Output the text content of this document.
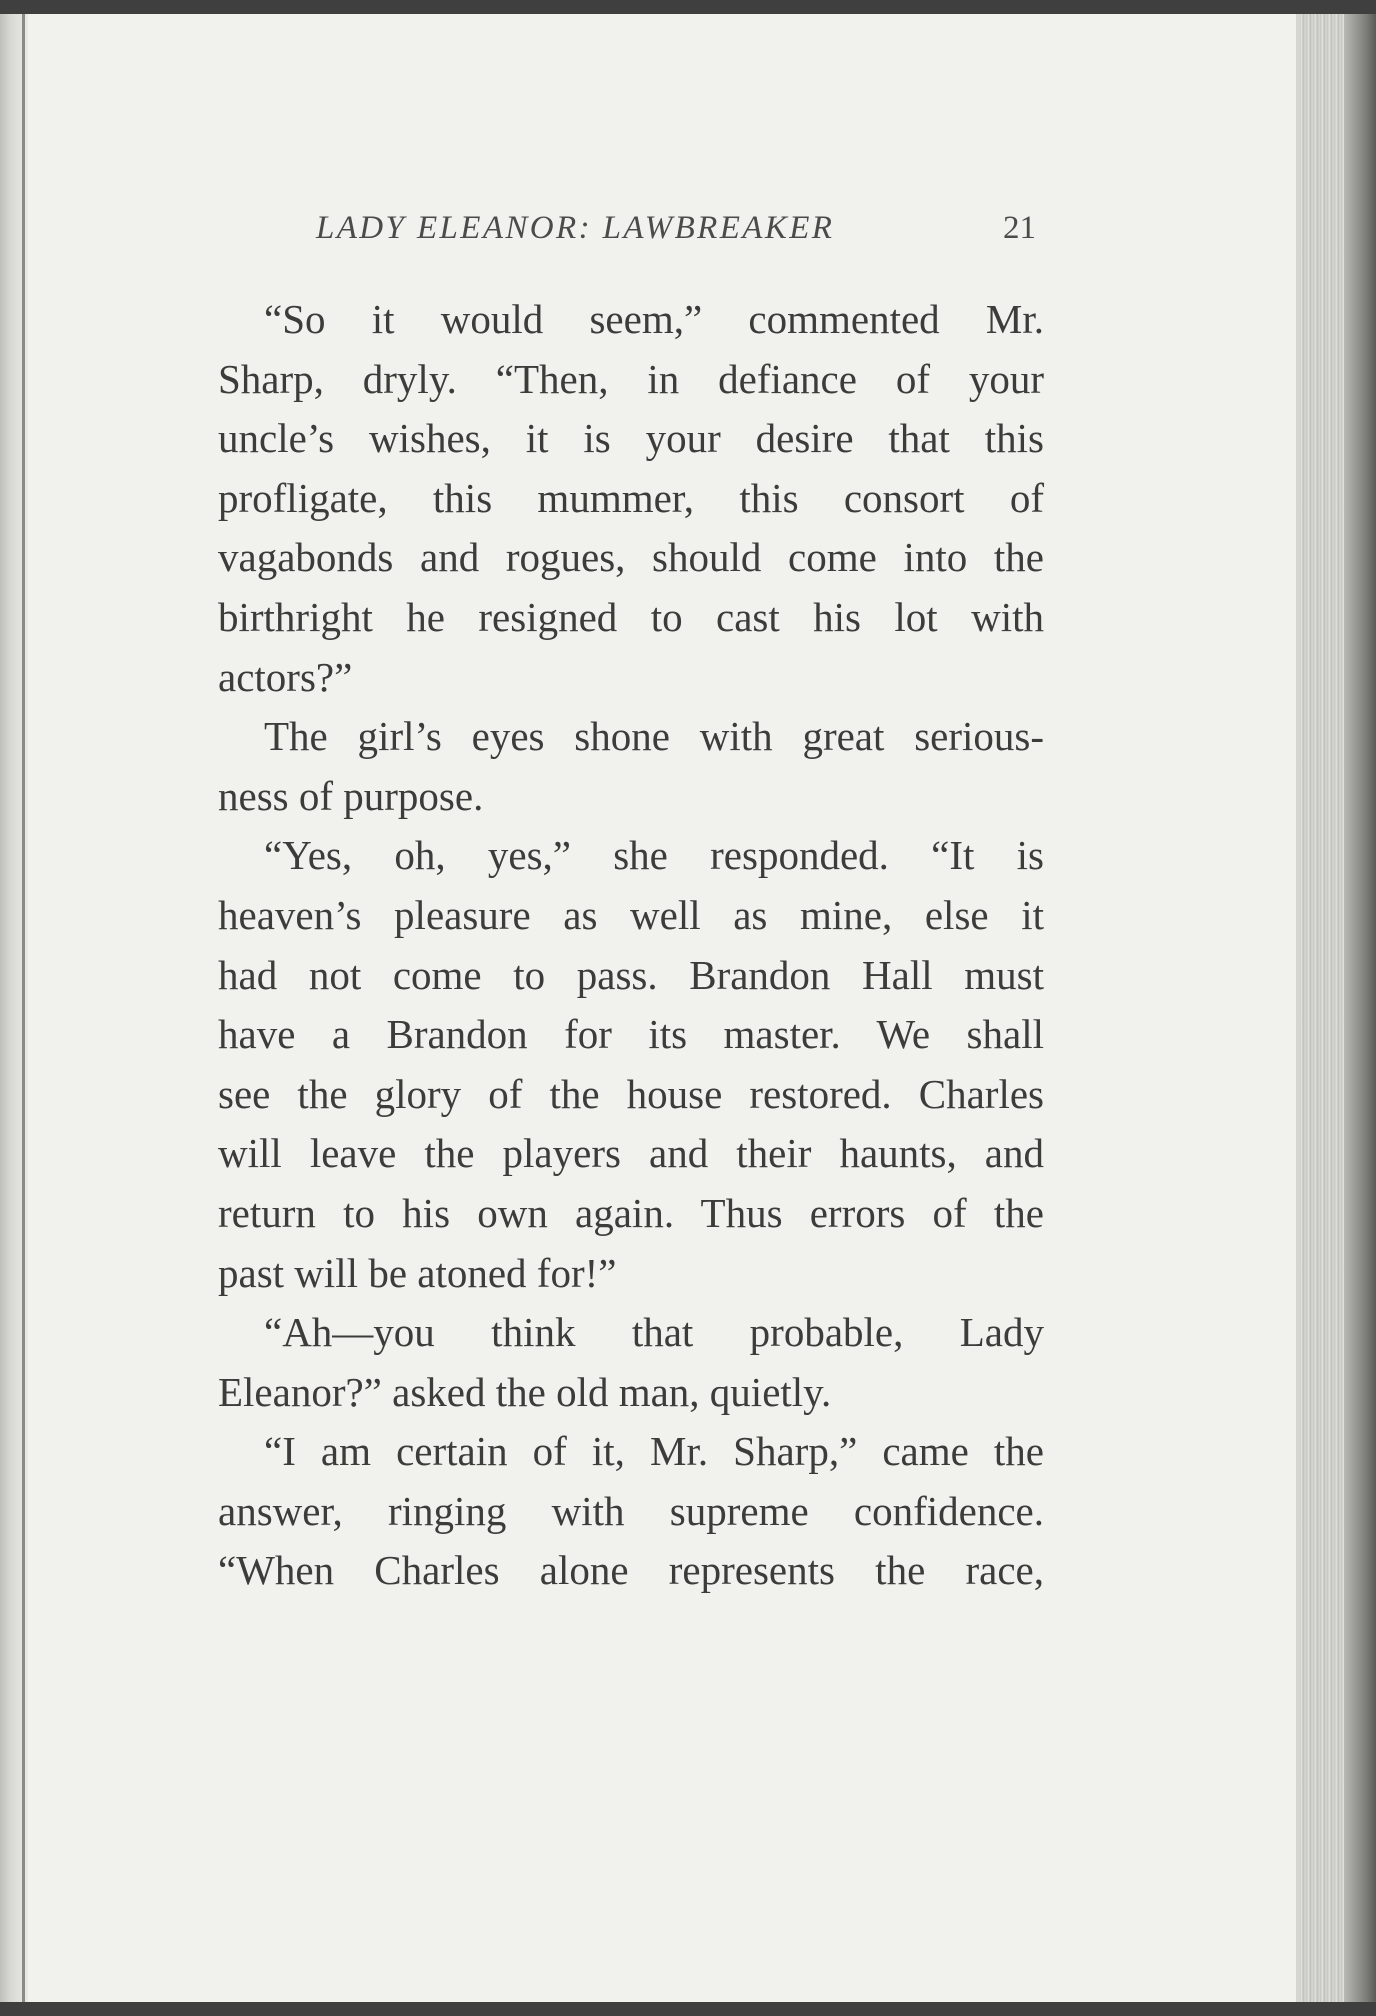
LADY ELEANOR: LAWBREAKER	21
“So it would seem,” commented Mr.
Sharp, dryly. “Then, in defiance of your
uncle’s wishes, it is your desire that this
profligate, this mummer, this consort of
vagabonds and rogues, should come into the
birthright he resigned to cast his lot with
actors?”
The girl’s eyes shone with great serious-
ness of purpose.
“Yes, oh, yes,” she responded. “It is
heaven’s pleasure as well as mine, else it
had not come to pass. Brandon Hall must
have a Brandon for its master. We shall
see the glory of the house restored. Charles
will leave the players and their haunts, and
return to his own again. Thus errors of the
past will be atoned for!”
“Ah—you think that probable, Lady
Eleanor?” asked the old man, quietly.
“I am certain of it, Mr. Sharp,” came the
answer, ringing with supreme confidence.
“When Charles alone represents the race,
